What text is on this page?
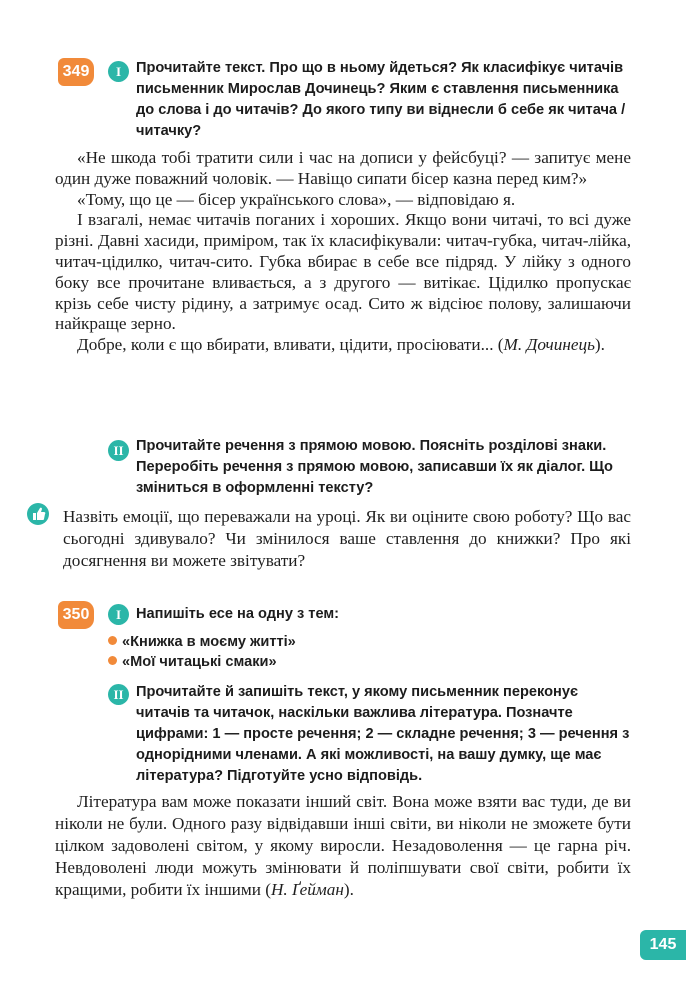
349	I	Прочитайте текст. Про що в ньому йдеться? Як класифікує читачів письменник Мирослав Дочинець? Яким є ставлення письменника до слова і до читачів? До якого типу ви віднесли б себе як читача / читачку?

«Не шкода тобі тратити сили і час на дописи у фейсбуці? — запитує мене один дуже поважний чоловік. — Навіщо сипати бісер казна перед ким?»

«Тому, що це — бісер українського слова», — відповідаю я.

І взагалі, немає читачів поганих і хороших. Якщо вони читачі, то всі дуже різні. Давні хасиди, приміром, так їх класифікували: читач-губка, читач-лійка, читач-цідилко, читач-сито. Губка вбирає в себе все підряд. У лійку з одного боку все прочитане вливається, а з другого — витікає. Цідилко пропускає крізь себе чисту рідину, а затримує осад. Сито ж відсіює полову, залишаючи найкраще зерно.

Добре, коли є що вбирати, вливати, цідити, просіювати... (М. Дочинець).

II Прочитайте речення з прямою мовою. Поясніть розділові знаки. Переробіть речення з прямою мовою, записавши їх як діалог. Що зміниться в оформленні тексту?

Назвіть емоції, що переважали на уроці. Як ви оціните свою роботу? Що вас сьогодні здивувало? Чи змінилося ваше ставлення до книжки? Про які досягнення ви можете звітувати?

350	I	Напишіть есе на одну з тем:

«Книжка в моєму житті»
«Мої читацькі смаки»
II Прочитайте й запишіть текст, у якому письменник переконує читачів та читачок, наскільки важлива література. Позначте цифрами: 1 — просте речення; 2 — складне речення; 3 — речення з однорідними членами. А які можливості, на вашу думку, ще має література? Підготуйте усно відповідь.

Література вам може показати інший світ. Вона може взяти вас туди, де ви ніколи не були. Одного разу відвідавши інші світи, ви ніколи не зможете бути цілком задоволені світом, у якому виросли. Незадоволення — це гарна річ. Невдоволені люди можуть змінювати й поліпшувати свої світи, робити їх кращими, робити їх іншими (Н. Ґейман).

145
